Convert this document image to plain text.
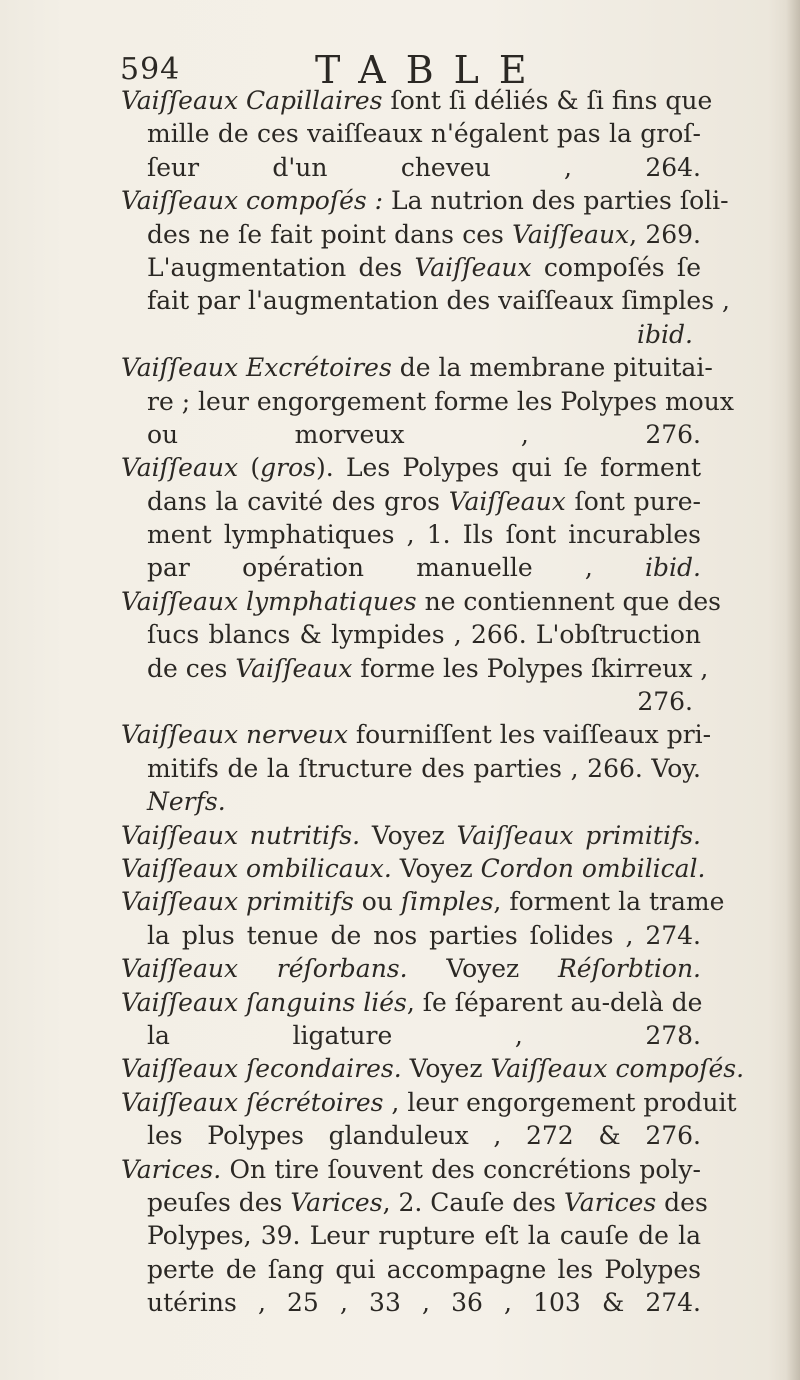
594	TABLE
Vaiſſeaux Capillaires ſont ſi déliés & ſi fins que
mille de ces vaiſſeaux n'égalent pas la groſ-
ſeur d'un cheveu , 264.
Vaiſſeaux compoſés : La nutrion des parties ſoli-
des ne ſe fait point dans ces Vaiſſeaux, 269.
L'augmentation des Vaiſſeaux compoſés ſe
fait par l'augmentation des vaiſſeaux ſimples ,
ibid.
Vaiſſeaux Excrétoires de la membrane pituitai-
re ; leur engorgement forme les Polypes moux
ou morveux , 276.
Vaiſſeaux (gros). Les Polypes qui ſe forment
dans la cavité des gros Vaiſſeaux ſont pure-
ment lymphatiques , 1. Ils ſont incurables
par opération manuelle , ibid.
Vaiſſeaux lymphatiques ne contiennent que des
ſucs blancs & lympides , 266. L'obſtruction
de ces Vaiſſeaux forme les Polypes ſkirreux ,
276.
Vaiſſeaux nerveux fourniſſent les vaiſſeaux pri-
mitifs de la ſtructure des parties , 266. Voy.
Nerfs.
Vaiſſeaux nutritifs. Voyez Vaiſſeaux primitifs.
Vaiſſeaux ombilicaux. Voyez Cordon ombilical.
Vaiſſeaux primitifs ou ſimples, forment la trame
la plus tenue de nos parties ſolides , 274.
Vaiſſeaux réſorbans. Voyez Réſorbtion.
Vaiſſeaux ſanguins liés, ſe ſéparent au-delà de
la ligature , 278.
Vaiſſeaux ſecondaires. Voyez Vaiſſeaux compoſés.
Vaiſſeaux ſécrétoires , leur engorgement produit
les Polypes glanduleux , 272 & 276.
Varices. On tire ſouvent des concrétions poly-
peuſes des Varices, 2. Cauſe des Varices des
Polypes, 39. Leur rupture eſt la cauſe de la
perte de ſang qui accompagne les Polypes
utérins , 25 , 33 , 36 , 103 & 274.
